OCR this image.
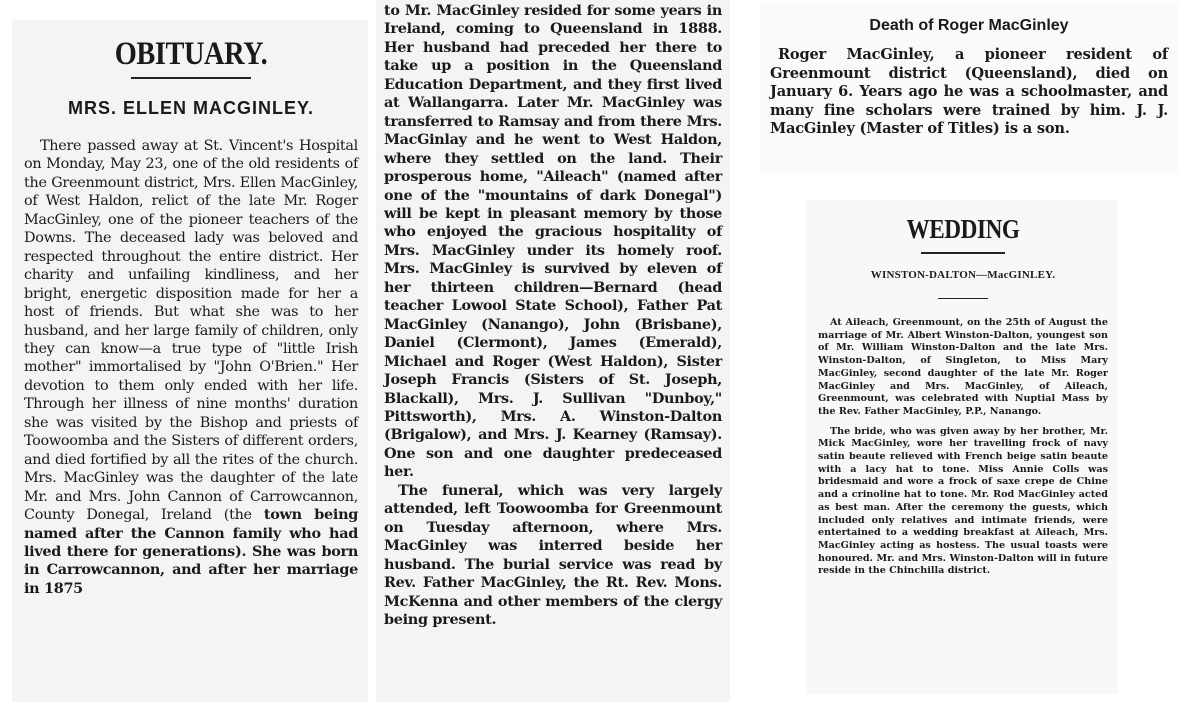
OBITUARY.
MRS. ELLEN MACGINLEY.

There passed away at St. Vincent's Hospital on Monday, May 23, one of the old residents of the Greenmount district, Mrs. Ellen MacGinley, of West Haldon, relict of the late Mr. Roger MacGinley, one of the pioneer teachers of the Downs. The deceased lady was beloved and respected throughout the entire district. Her charity and unfailing kindliness, and her bright, energetic disposition made for her a host of friends. But what she was to her husband, and her large family of children, only they can know—a true type of "little Irish mother" immortalised by "John O'Brien." Her devotion to them only ended with her life. Through her illness of nine months' duration she was visited by the Bishop and priests of Toowoomba and the Sisters of different orders, and died fortified by all the rites of the church. Mrs. MacGinley was the daughter of the late Mr. and Mrs. John Cannon of Carrowcannon, County Donegal, Ireland (the town being named after the Cannon family who had lived there for generations). She was born in Carrowcannon, and after her marriage in 1875

to Mr. MacGinley resided for some years in Ireland, coming to Queensland in 1888. Her husband had preceded her there to take up a position in the Queensland Education Department, and they first lived at Wallangarra. Later Mr. MacGinley was transferred to Ramsay and from there Mrs. MacGinlay and he went to West Haldon, where they settled on the land. Their prosperous home, "Aileach" (named after one of the "mountains of dark Donegal") will be kept in pleasant memory by those who enjoyed the gracious hospitality of Mrs. MacGinley under its homely roof. Mrs. MacGinley is survived by eleven of her thirteen children—Bernard (head teacher Lowool State School), Father Pat MacGinley (Nanango), John (Brisbane), Daniel (Clermont), James (Emerald), Michael and Roger (West Haldon), Sister Joseph Francis (Sisters of St. Joseph, Blackall), Mrs. J. Sullivan "Dunboy," Pittsworth), Mrs. A. Winston-Dalton (Brigalow), and Mrs. J. Kearney (Ramsay). One son and one daughter predeceased her.

The funeral, which was very largely attended, left Toowoomba for Greenmount on Tuesday afternoon, where Mrs. MacGinley was interred beside her husband. The burial service was read by Rev. Father MacGinley, the Rt. Rev. Mons. McKenna and other members of the clergy being present.

Death of Roger MacGinley

Roger MacGinley, a pioneer resident of Greenmount district (Queensland), died on January 6. Years ago he was a schoolmaster, and many fine scholars were trained by him. J. J. MacGinley (Master of Titles) is a son.

WEDDING
WINSTON-DALTON—MacGINLEY.

At Aileach, Greenmount, on the 25th of August the marriage of Mr. Albert Winston-Dalton, youngest son of Mr. William Winston-Dalton and the late Mrs. Winston-Dalton, of Singleton, to Miss Mary MacGinley, second daughter of the late Mr. Roger MacGinley and Mrs. MacGinley, of Aileach, Greenmount, was celebrated with Nuptial Mass by the Rev. Father MacGinley, P.P., Nanango.

The bride, who was given away by her brother, Mr. Mick MacGinley, wore her travelling frock of navy satin beaute relieved with French beige satin beaute with a lacy hat to tone. Miss Annie Colls was bridesmaid and wore a frock of saxe crepe de Chine and a crinoline hat to tone. Mr. Rod MacGinley acted as best man. After the ceremony the guests, which included only relatives and intimate friends, were entertained to a wedding breakfast at Aileach, Mrs. MacGinley acting as hostess. The usual toasts were honoured. Mr. and Mrs. Winston-Dalton will in future reside in the Chinchilla district.
